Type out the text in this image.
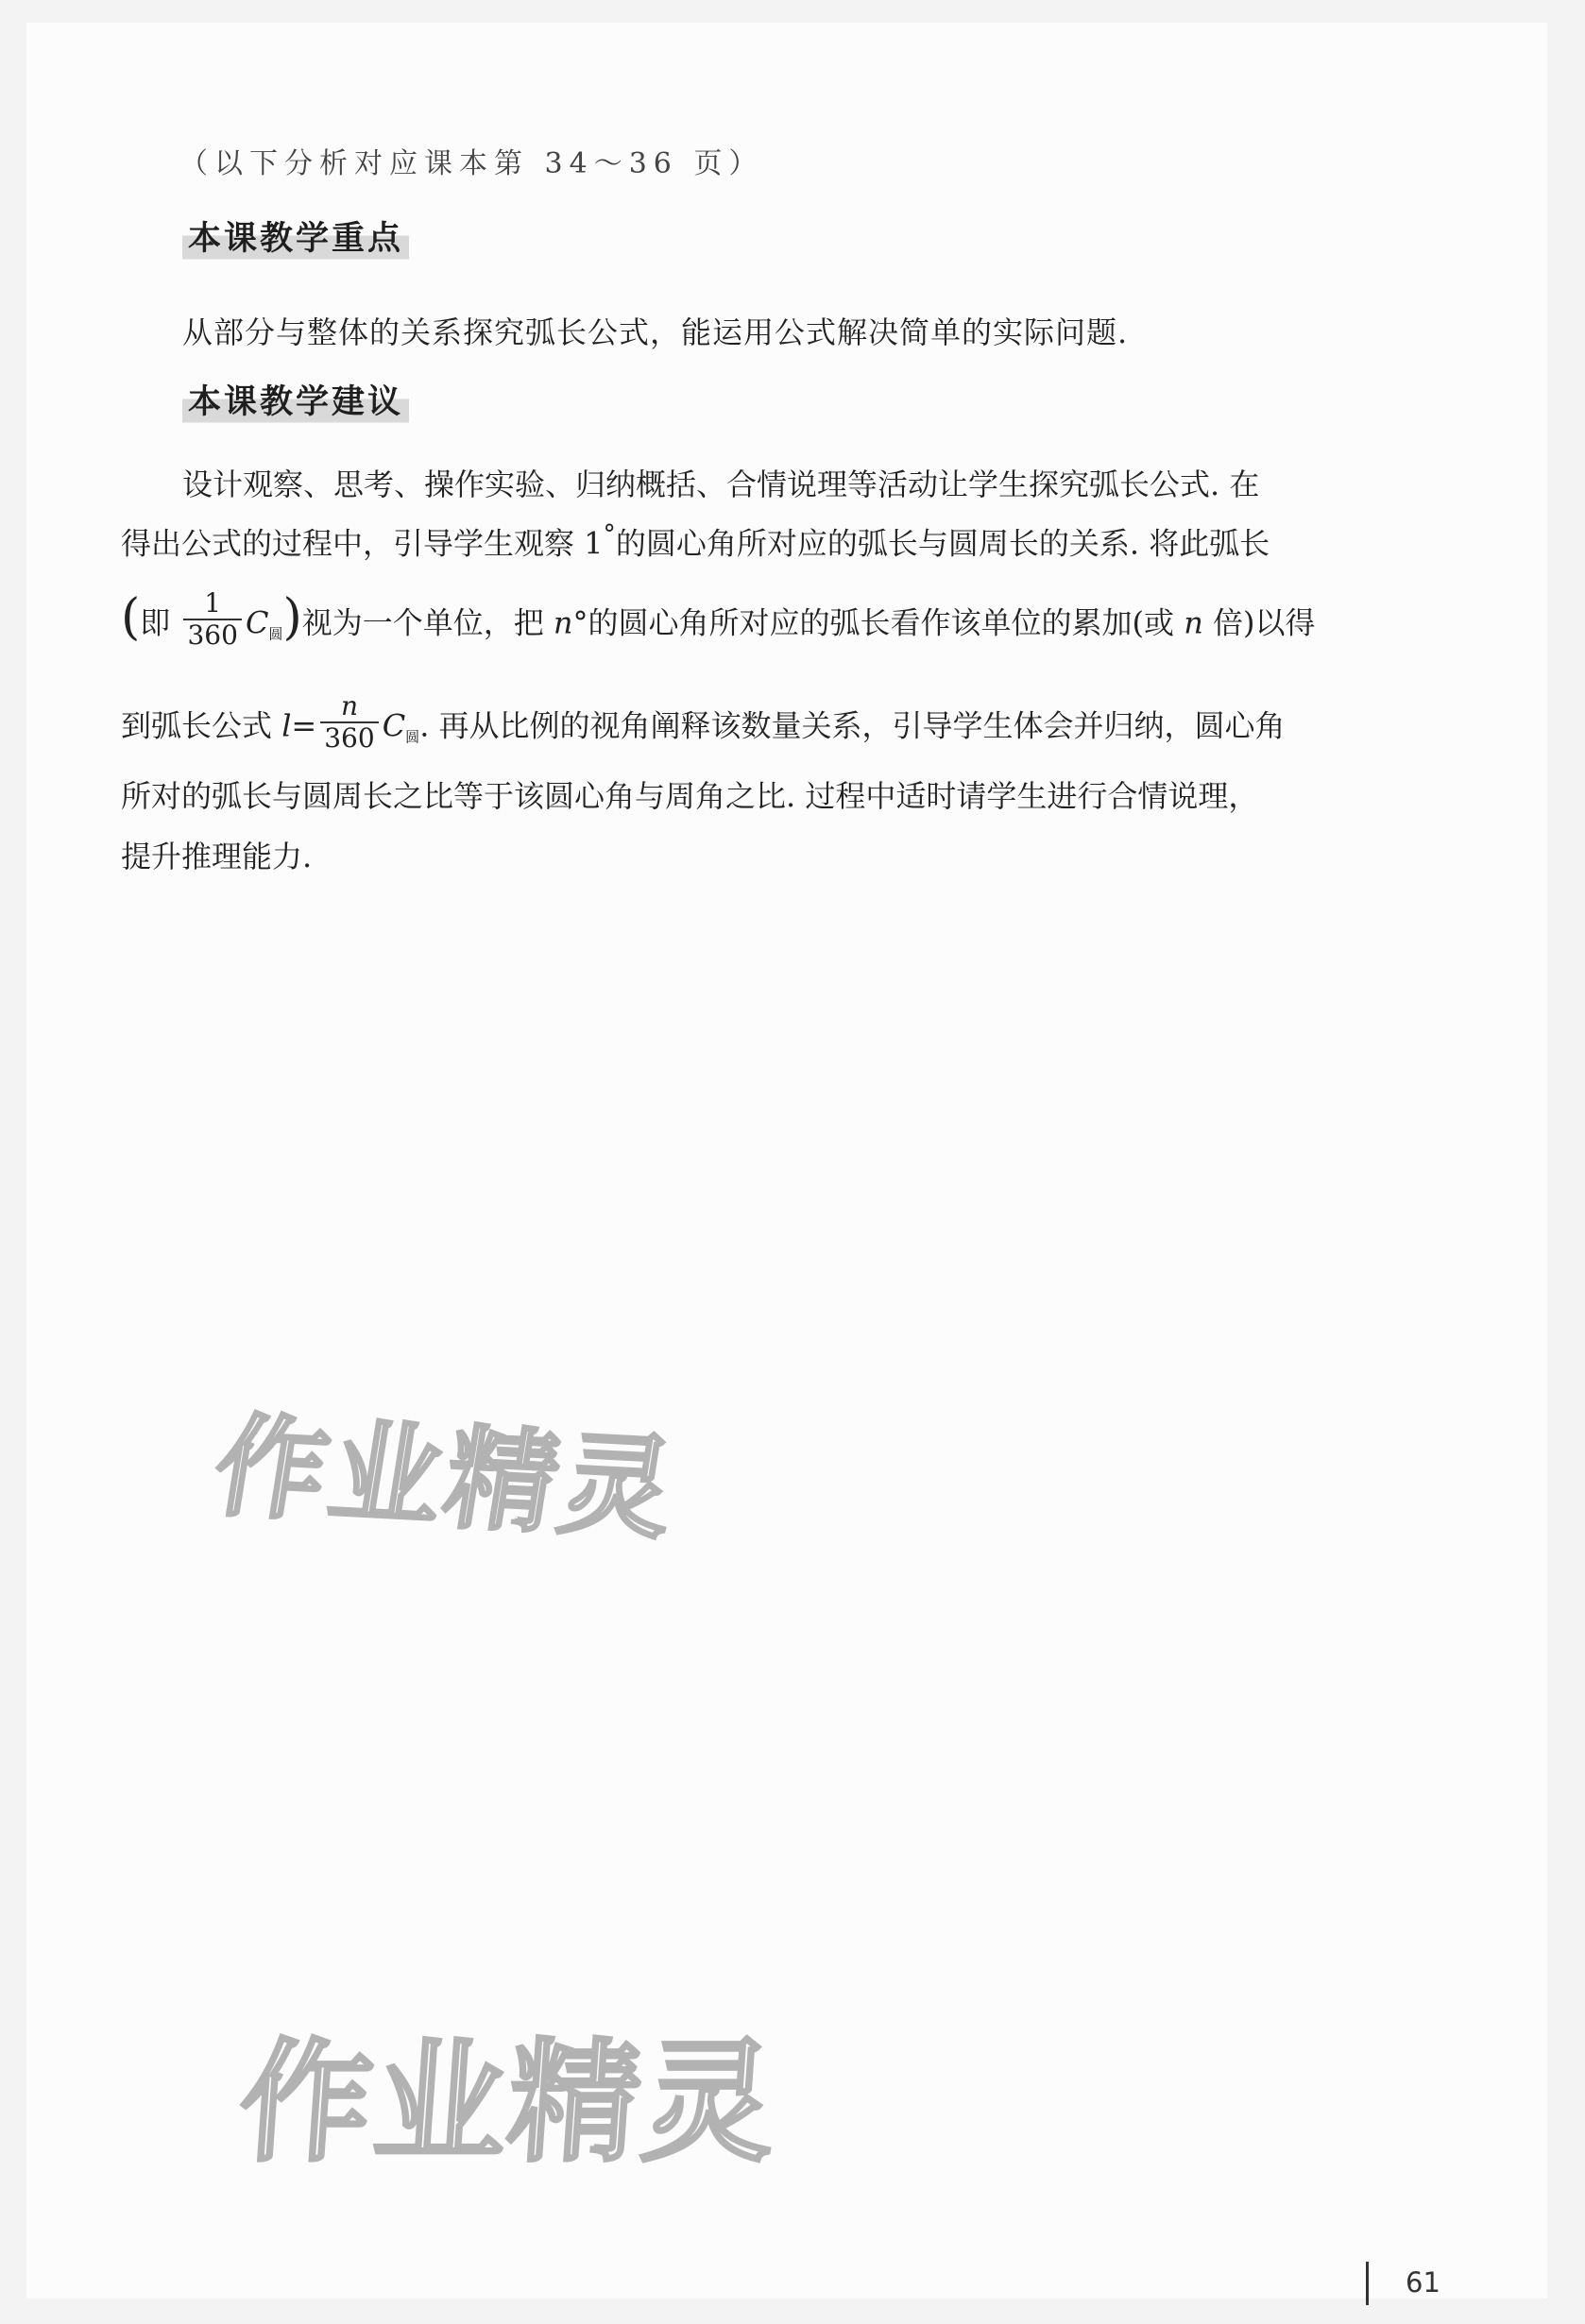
（以下分析对应课本第 34～36 页）
本课教学重点
从部分与整体的关系探究弧长公式，能运用公式解决简单的实际问题.
本课教学建议
设计观察、思考、操作实验、归纳概括、合情说理等活动让学生探究弧长公式. 在
得出公式的过程中，引导学生观察 1°的圆心角所对应的弧长与圆周长的关系. 将此弧长
(即 $\frac{1}{360} C_圆$)视为一个单位，把 n°的圆心角所对应的弧长看作该单位的累加(或 n 倍)以得
到弧长公式 $l= \frac{n}{360} C_圆$. 再从比例的视角阐释该数量关系，引导学生体会并归纳，圆心角
所对的弧长与圆周长之比等于该圆心角与周角之比. 过程中适时请学生进行合情说理，
提升推理能力.
作业精灵
作业精灵
61
